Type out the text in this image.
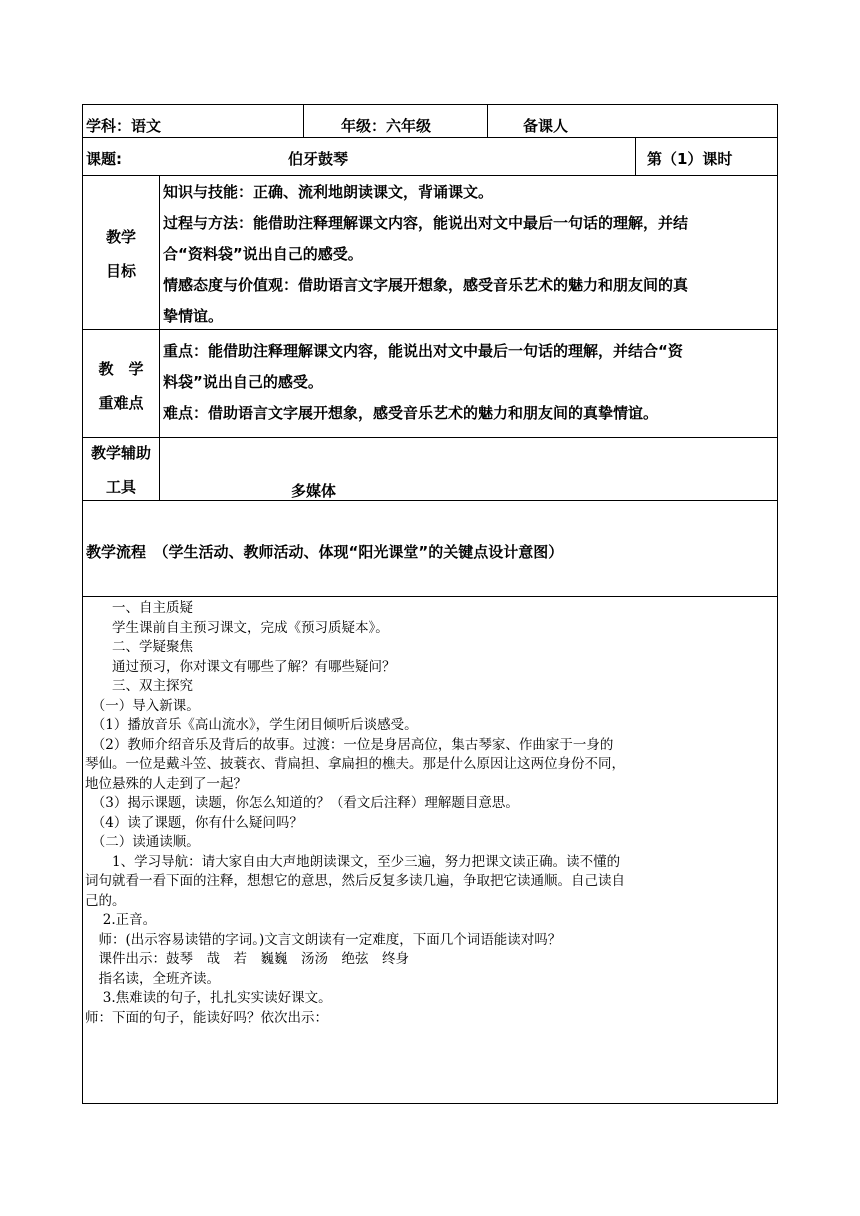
学科：语文	年级：六年级	备课人
课题:	伯牙鼓琴	第（1）课时
教学
目标
知识与技能：正确、流利地朗读课文，背诵课文。
过程与方法：能借助注释理解课文内容，能说出对文中最后一句话的理解，并结
合“资料袋”说出自己的感受。
情感态度与价值观：借助语言文字展开想象，感受音乐艺术的魅力和朋友间的真
挚情谊。
教　学
重难点
重点：能借助注释理解课文内容，能说出对文中最后一句话的理解，并结合“资
料袋”说出自己的感受。
难点：借助语言文字展开想象，感受音乐艺术的魅力和朋友间的真挚情谊。
教学辅助
工具	多媒体
教学流程　（学生活动、教师活动、体现“阳光课堂”的关键点设计意图）

　　一、自主质疑

　　学生课前自主预习课文，完成《预习质疑本》。

　　二、学疑聚焦

　　通过预习，你对课文有哪些了解？有哪些疑问？

　　三、双主探究

　（一）导入新课。

　（1）播放音乐《高山流水》，学生闭目倾听后谈感受。

　（2）教师介绍音乐及背后的故事。过渡：一位是身居高位，集古琴家、作曲家于一身的

琴仙。一位是戴斗笠、披蓑衣、背扁担、拿扁担的樵夫。那是什么原因让这两位身份不同，

地位悬殊的人走到了一起？

　（3）揭示课题，读题，你怎么知道的？（看文后注释）理解题目意思。

　（4）读了课题，你有什么疑问吗？

　（二）读通读顺。

　　1、学习导航：请大家自由大声地朗读课文，至少三遍，努力把课文读正确。读不懂的

词句就看一看下面的注释，想想它的意思，然后反复多读几遍，争取把它读通顺。自己读自

己的。

　 2.正音。

　师：(出示容易读错的字词。)文言文朗读有一定难度，下面几个词语能读对吗？

　课件出示：鼓琴　哉　若　巍巍　汤汤　绝弦　终身

　指名读，全班齐读。

　 3.焦难读的句子，扎扎实实读好课文。

师：下面的句子，能读好吗？依次出示：
